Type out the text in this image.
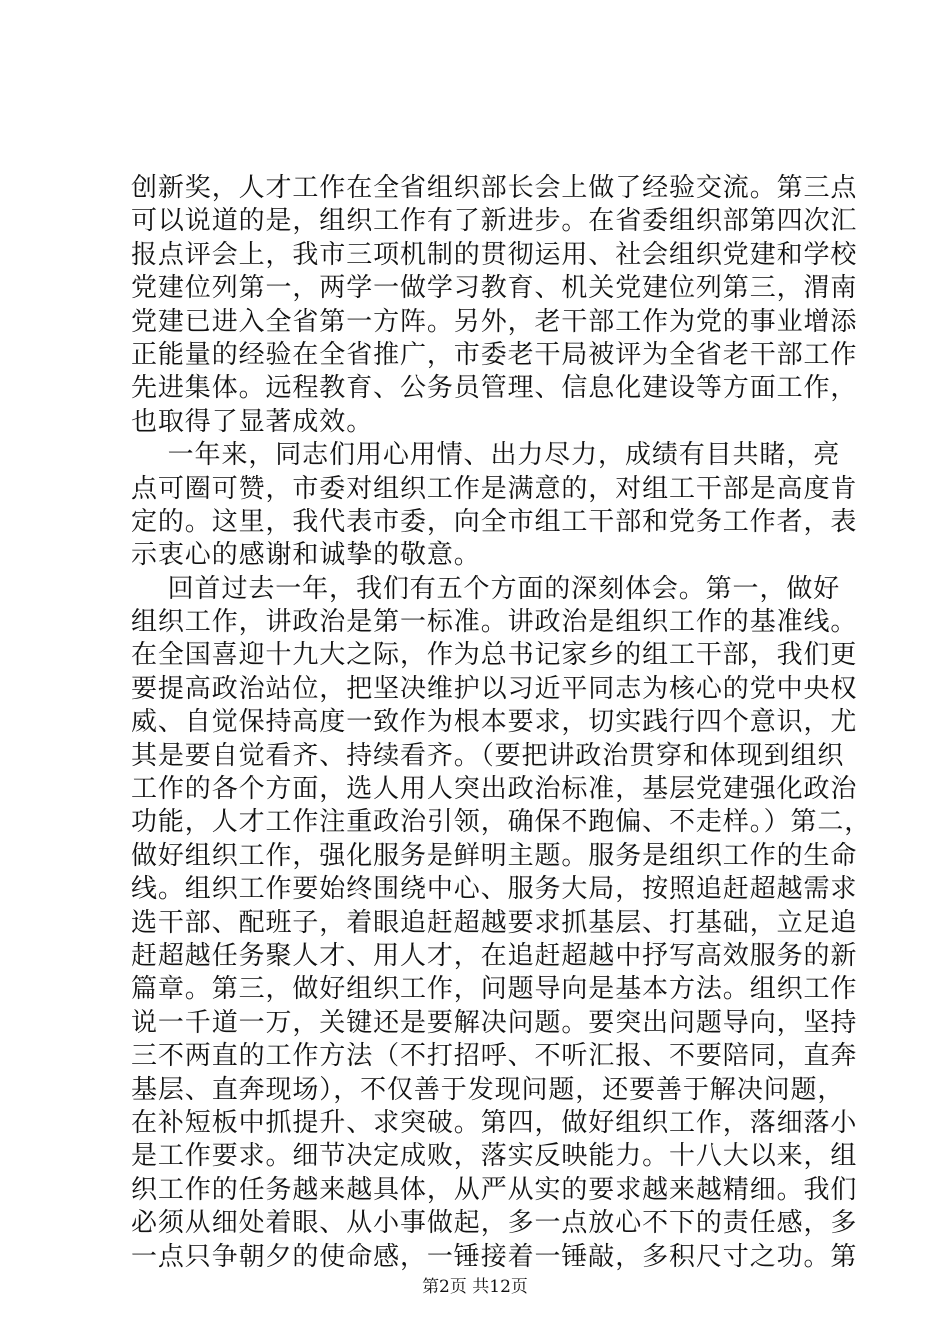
创新奖，人才工作在全省组织部长会上做了经验交流。第三点
可以说道的是，组织工作有了新进步。在省委组织部第四次汇
报点评会上，我市三项机制的贯彻运用、社会组织党建和学校
党建位列第一，两学一做学习教育、机关党建位列第三，渭南
党建已进入全省第一方阵。另外，老干部工作为党的事业增添
正能量的经验在全省推广，市委老干局被评为全省老干部工作
先进集体。远程教育、公务员管理、信息化建设等方面工作，
也取得了显著成效。
一年来，同志们用心用情、出力尽力，成绩有目共睹，亮
点可圈可赞，市委对组织工作是满意的，对组工干部是高度肯
定的。这里，我代表市委，向全市组工干部和党务工作者，表
示衷心的感谢和诚挚的敬意。
回首过去一年，我们有五个方面的深刻体会。第一，做好
组织工作，讲政治是第一标准。讲政治是组织工作的基准线。
在全国喜迎十九大之际，作为总书记家乡的组工干部，我们更
要提高政治站位，把坚决维护以习近平同志为核心的党中央权
威、自觉保持高度一致作为根本要求，切实践行四个意识，尤
其是要自觉看齐、持续看齐。（要把讲政治贯穿和体现到组织
工作的各个方面，选人用人突出政治标准，基层党建强化政治
功能，人才工作注重政治引领，确保不跑偏、不走样。）第二，
做好组织工作，强化服务是鲜明主题。服务是组织工作的生命
线。组织工作要始终围绕中心、服务大局，按照追赶超越需求
选干部、配班子，着眼追赶超越要求抓基层、打基础，立足追
赶超越任务聚人才、用人才，在追赶超越中抒写高效服务的新
篇章。第三，做好组织工作，问题导向是基本方法。组织工作
说一千道一万，关键还是要解决问题。要突出问题导向，坚持
三不两直的工作方法（不打招呼、不听汇报、不要陪同，直奔
基层、直奔现场），不仅善于发现问题，还要善于解决问题，
在补短板中抓提升、求突破。第四，做好组织工作，落细落小
是工作要求。细节决定成败，落实反映能力。十八大以来，组
织工作的任务越来越具体，从严从实的要求越来越精细。我们
必须从细处着眼、从小事做起，多一点放心不下的责任感，多
一点只争朝夕的使命感，一锤接着一锤敲，多积尺寸之功。第
第2页 共12页
